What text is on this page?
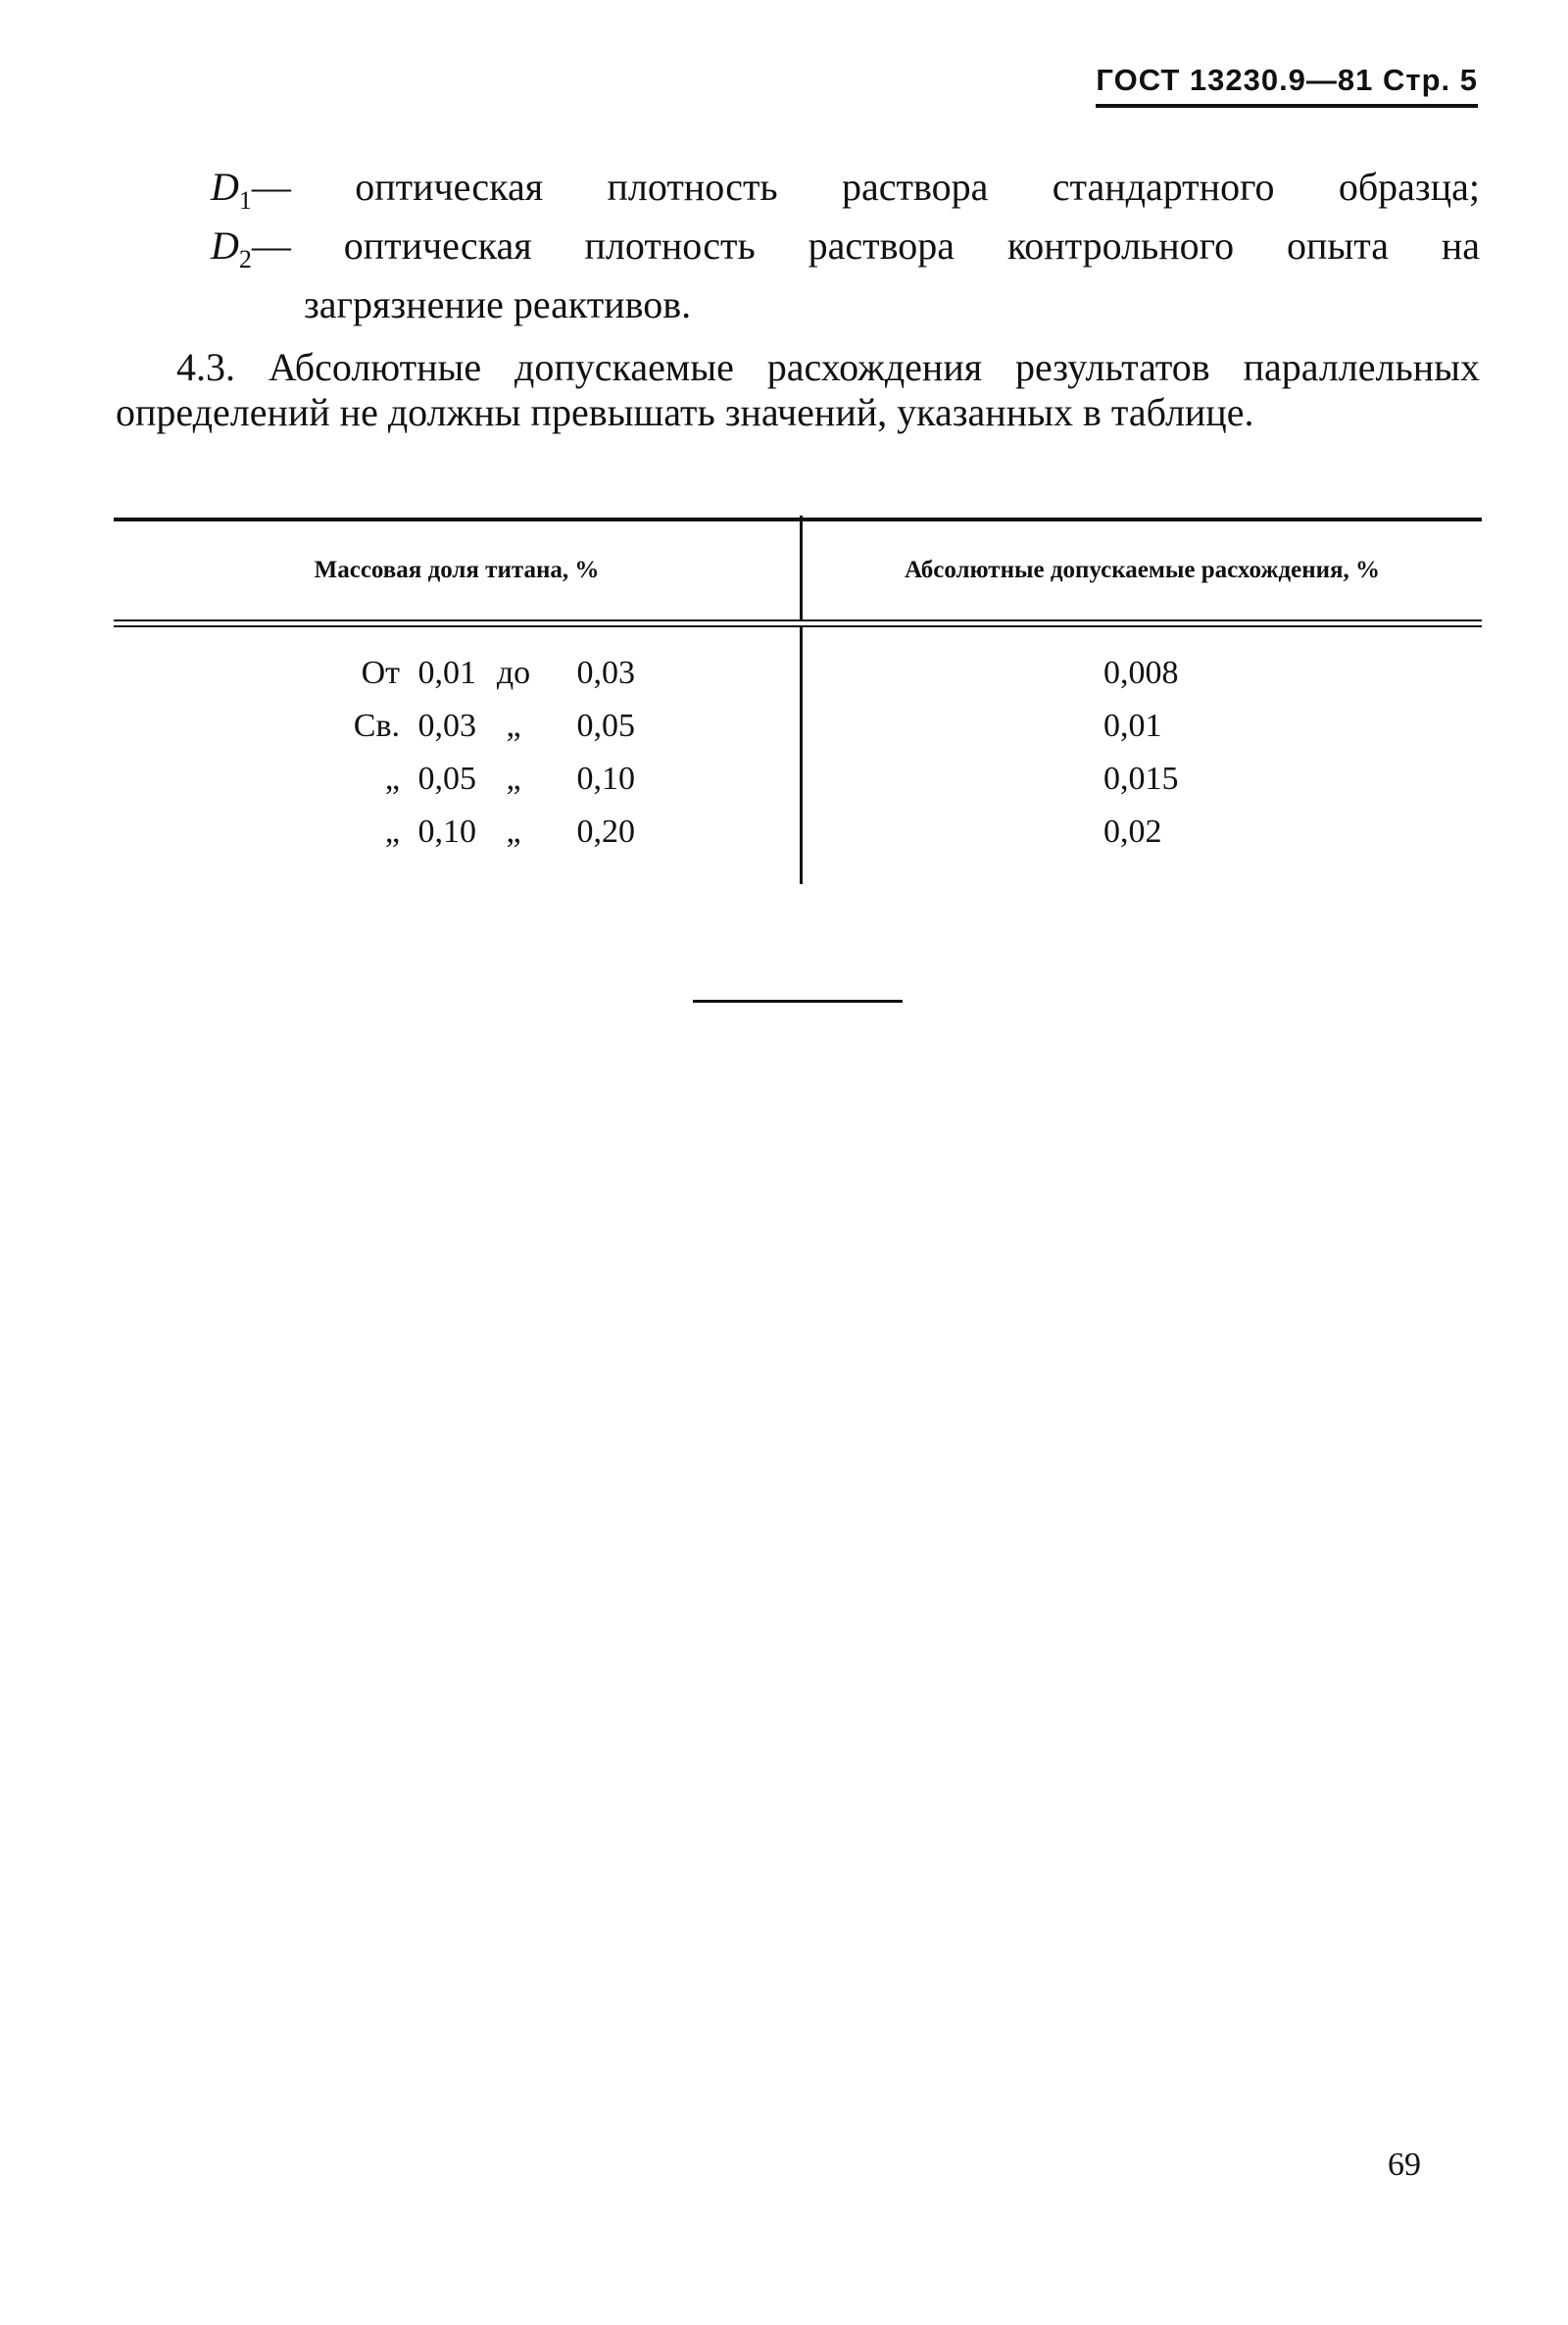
ГОСТ 13230.9—81 Стр. 5
$D_1—$ оптическая плотность раствора стандартного образца;
$D_2—$ оптическая плотность раствора контрольного опыта на
загрязнение реактивов.
4.3. Абсолютные допускаемые расхождения результатов параллельных определений не должны превышать значений, указанных в таблице.
Массовая доля титана, %	Абсолютные допускаемые расхождения, %
От 0,01 до	0,03	0,008
Св. 0,03 „	0,05	0,01
„ 0,05 „	0,10	0,015
„ 0,10 „	0,20	0,02
69
